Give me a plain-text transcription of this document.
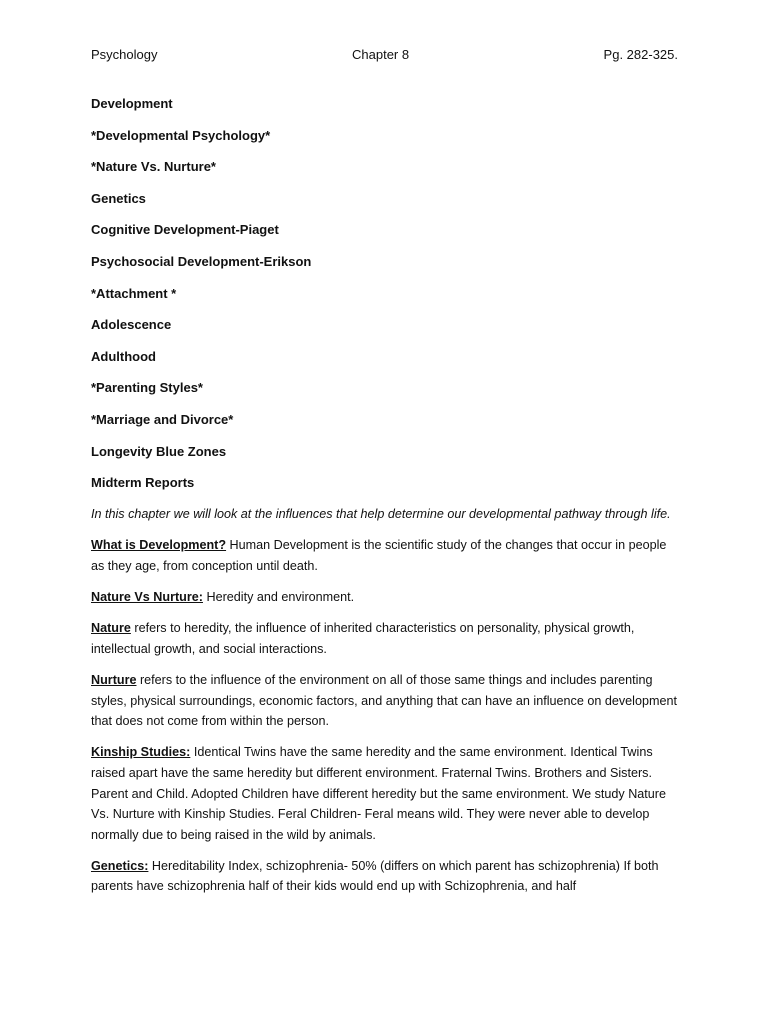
Psychology	Chapter 8	Pg. 282-325.
Development
*Developmental Psychology*
*Nature Vs. Nurture*
Genetics
Cognitive Development-Piaget
Psychosocial Development-Erikson
*Attachment *
Adolescence
Adulthood
*Parenting Styles*
*Marriage and Divorce*
Longevity Blue Zones
Midterm Reports

In this chapter we will look at the influences that help determine our developmental pathway through life.

What is Development? Human Development is the scientific study of the changes that occur in people as they age, from conception until death.

Nature Vs Nurture: Heredity and environment.

Nature refers to heredity, the influence of inherited characteristics on personality, physical growth, intellectual growth, and social interactions.

Nurture refers to the influence of the environment on all of those same things and includes parenting styles, physical surroundings, economic factors, and anything that can have an influence on development that does not come from within the person.

Kinship Studies: Identical Twins have the same heredity and the same environment. Identical Twins raised apart have the same heredity but different environment. Fraternal Twins. Brothers and Sisters. Parent and Child. Adopted Children have different heredity but the same environment. We study Nature Vs. Nurture with Kinship Studies. Feral Children- Feral means wild. They were never able to develop normally due to being raised in the wild by animals.

Genetics: Hereditability Index, schizophrenia- 50% (differs on which parent has schizophrenia) If both parents have schizophrenia half of their kids would end up with Schizophrenia, and half
